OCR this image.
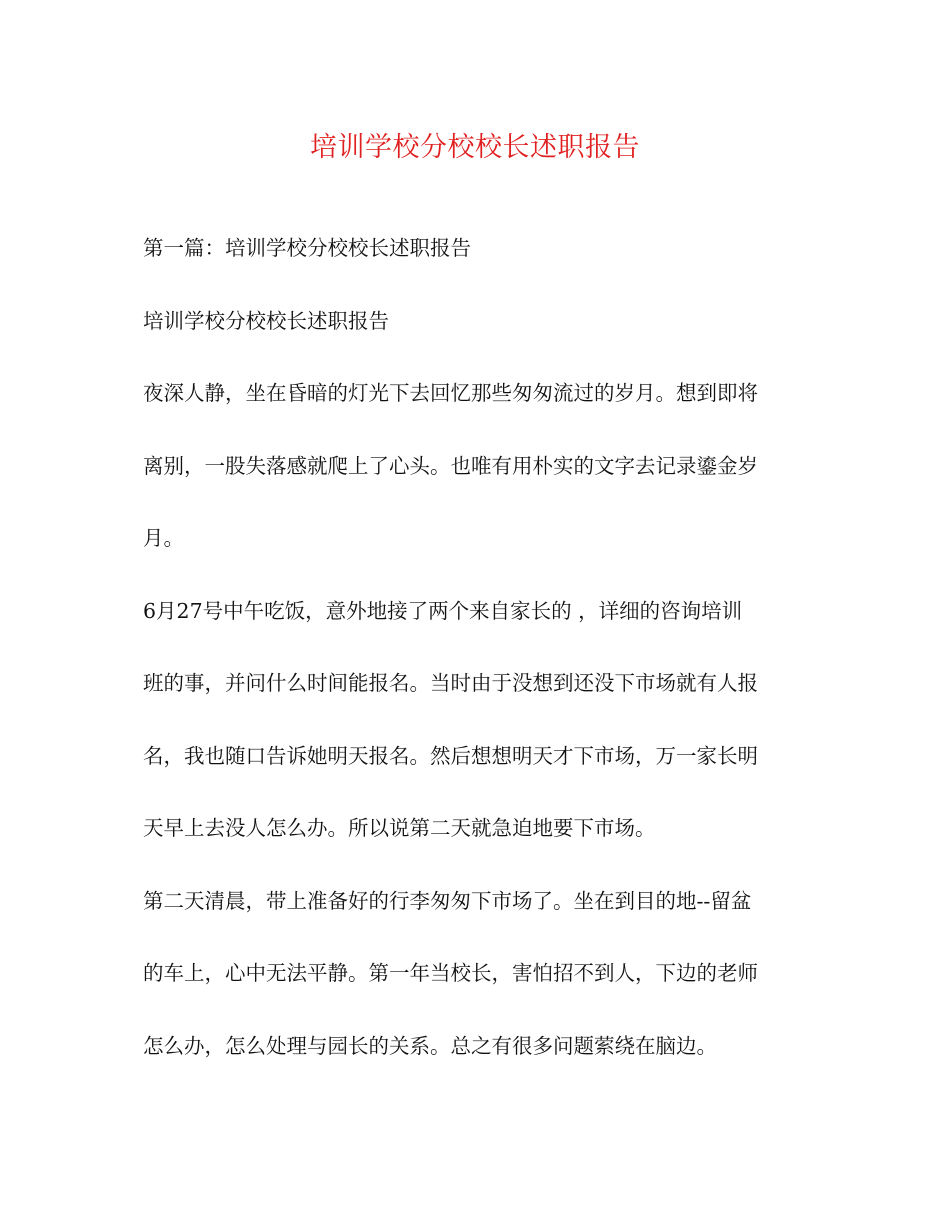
培训学校分校校长述职报告

第一篇：培训学校分校校长述职报告

培训学校分校校长述职报告

夜深人静，坐在昏暗的灯光下去回忆那些匆匆流过的岁月。想到即将

离别，一股失落感就爬上了心头。也唯有用朴实的文字去记录鎏金岁

月。

6月27号中午吃饭，意外地接了两个来自家长的 ，详细的咨询培训

班的事，并问什么时间能报名。当时由于没想到还没下市场就有人报

名，我也随口告诉她明天报名。然后想想明天才下市场，万一家长明

天早上去没人怎么办。所以说第二天就急迫地要下市场。

第二天清晨，带上准备好的行李匆匆下市场了。坐在到目的地--留盆

的车上，心中无法平静。第一年当校长，害怕招不到人，下边的老师

怎么办，怎么处理与园长的关系。总之有很多问题萦绕在脑边。
